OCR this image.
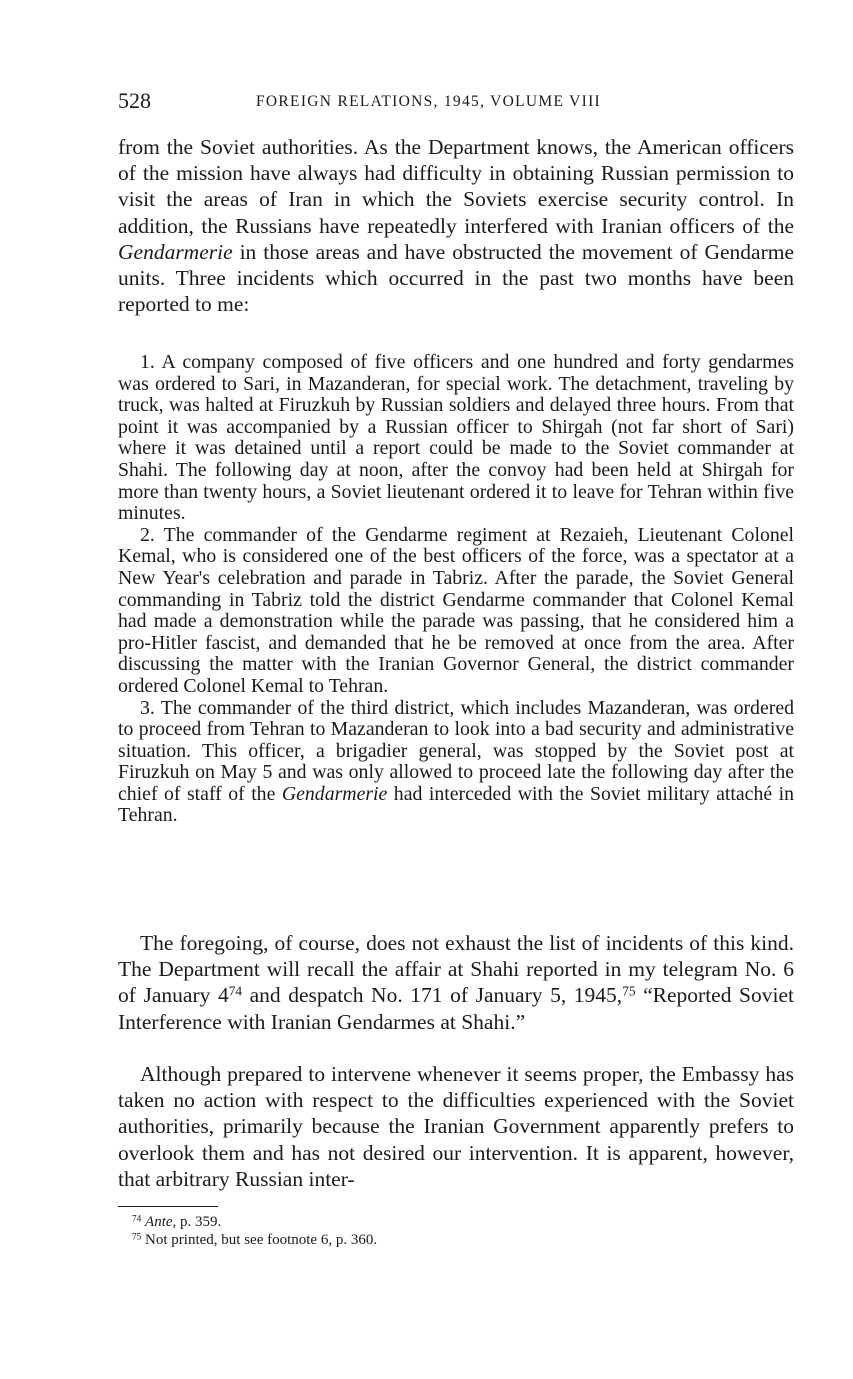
528	FOREIGN RELATIONS, 1945, VOLUME VIII

from the Soviet authorities. As the Department knows, the American officers of the mission have always had difficulty in obtaining Russian permission to visit the areas of Iran in which the Soviets exercise security control. In addition, the Russians have repeatedly interfered with Iranian officers of the Gendarmerie in those areas and have obstructed the movement of Gendarme units. Three incidents which occurred in the past two months have been reported to me:

1. A company composed of five officers and one hundred and forty gendarmes was ordered to Sari, in Mazanderan, for special work. The detachment, traveling by truck, was halted at Firuzkuh by Russian soldiers and delayed three hours. From that point it was accompanied by a Russian officer to Shirgah (not far short of Sari) where it was detained until a report could be made to the Soviet commander at Shahi. The following day at noon, after the convoy had been held at Shirgah for more than twenty hours, a Soviet lieutenant ordered it to leave for Tehran within five minutes.
2. The commander of the Gendarme regiment at Rezaieh, Lieutenant Colonel Kemal, who is considered one of the best officers of the force, was a spectator at a New Year's celebration and parade in Tabriz. After the parade, the Soviet General commanding in Tabriz told the district Gendarme commander that Colonel Kemal had made a demonstration while the parade was passing, that he considered him a pro-Hitler fascist, and demanded that he be removed at once from the area. After discussing the matter with the Iranian Governor General, the district commander ordered Colonel Kemal to Tehran.
3. The commander of the third district, which includes Mazanderan, was ordered to proceed from Tehran to Mazanderan to look into a bad security and administrative situation. This officer, a brigadier general, was stopped by the Soviet post at Firuzkuh on May 5 and was only allowed to proceed late the following day after the chief of staff of the Gendarmerie had interceded with the Soviet military attaché in Tehran.

The foregoing, of course, does not exhaust the list of incidents of this kind. The Department will recall the affair at Shahi reported in my telegram No. 6 of January $4^{74}$ and despatch No. 171 of January 5, 1945,75 “Reported Soviet Interference with Iranian Gendarmes at Shahi.”

Although prepared to intervene whenever it seems proper, the Embassy has taken no action with respect to the difficulties experienced with the Soviet authorities, primarily because the Iranian Government apparently prefers to overlook them and has not desired our intervention. It is apparent, however, that arbitrary Russian inter-

$^{74}$ Ante, p. 359.
$^{75}$ Not printed, but see footnote 6, p. 360.
